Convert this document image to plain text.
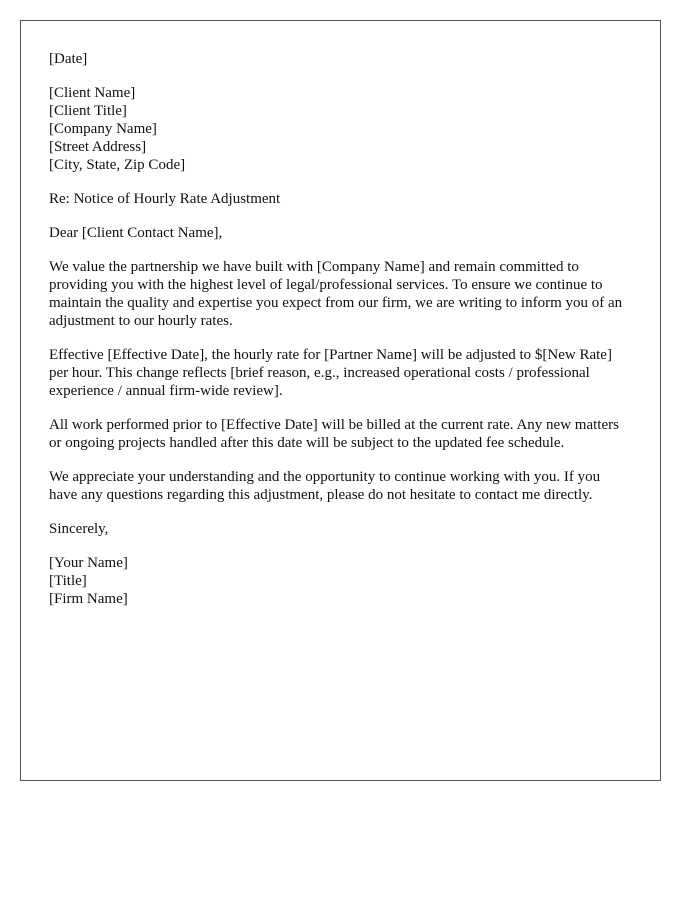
[Date]
[Client Name]
[Client Title]
[Company Name]
[Street Address]
[City, State, Zip Code]

Re: Notice of Hourly Rate Adjustment

Dear [Client Contact Name],

We value the partnership we have built with [Company Name] and remain committed to providing you with the highest level of legal/professional services. To ensure we continue to maintain the quality and expertise you expect from our firm, we are writing to inform you of an adjustment to our hourly rates.

Effective [Effective Date], the hourly rate for [Partner Name] will be adjusted to $[New Rate] per hour. This change reflects [brief reason, e.g., increased operational costs / professional experience / annual firm-wide review].

All work performed prior to [Effective Date] will be billed at the current rate. Any new matters or ongoing projects handled after this date will be subject to the updated fee schedule.

We appreciate your understanding and the opportunity to continue working with you. If you have any questions regarding this adjustment, please do not hesitate to contact me directly.

Sincerely,

[Your Name]
[Title]
[Firm Name]
